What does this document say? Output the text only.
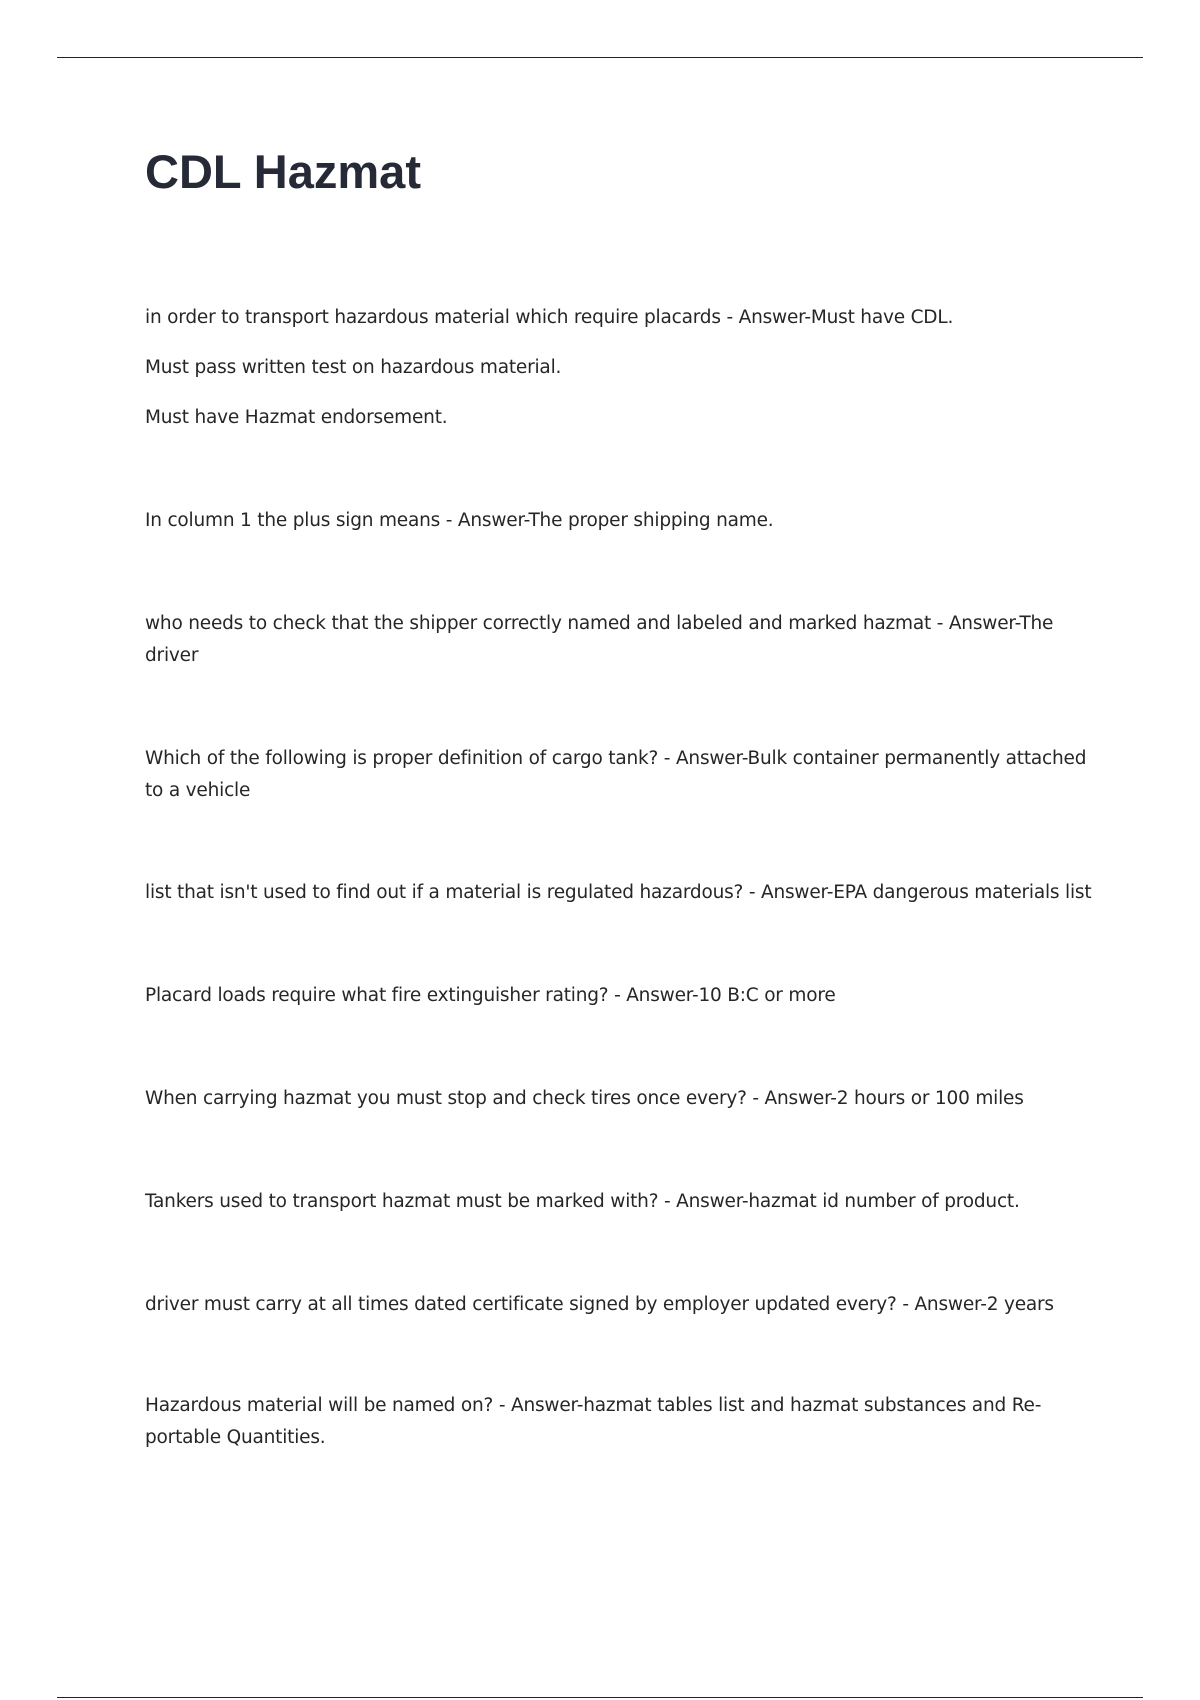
CDL Hazmat

in order to transport hazardous material which require placards - Answer-Must have CDL.

Must pass written test on hazardous material.

Must have Hazmat endorsement.

In column 1 the plus sign means - Answer-The proper shipping name.

who needs to check that the shipper correctly named and labeled and marked hazmat - Answer-The driver

Which of the following is proper definition of cargo tank? - Answer-Bulk container permanently attached to a vehicle

list that isn't used to find out if a material is regulated hazardous? - Answer-EPA dangerous materials list

Placard loads require what fire extinguisher rating? - Answer-10 B:C or more

When carrying hazmat you must stop and check tires once every? - Answer-2 hours or 100 miles

Tankers used to transport hazmat must be marked with? - Answer-hazmat id number of product.

driver must carry at all times dated certificate signed by employer updated every? - Answer-2 years

Hazardous material will be named on? - Answer-hazmat tables list and hazmat substances and Re-portable Quantities.
